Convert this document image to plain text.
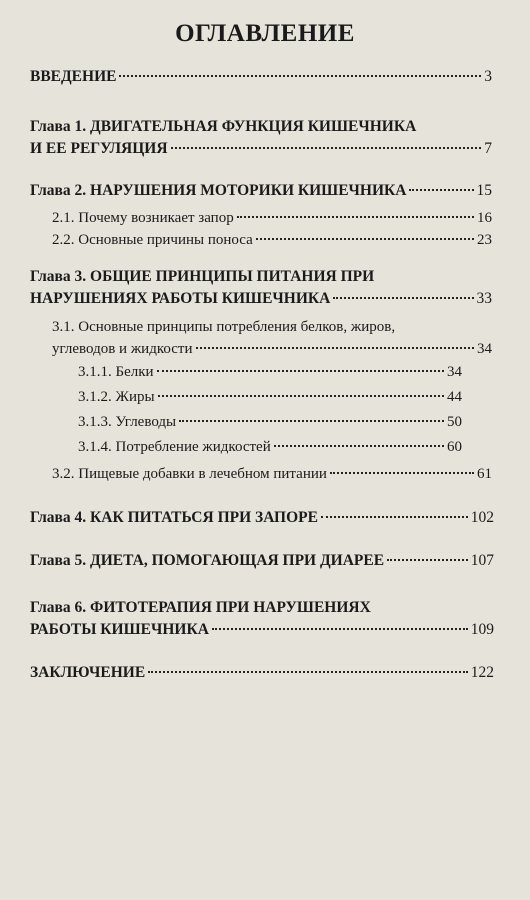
ОГЛАВЛЕНИЕ
ВВЕДЕНИЕ	3
Глава 1. ДВИГАТЕЛЬНАЯ ФУНКЦИЯ КИШЕЧНИКА
И ЕЕ РЕГУЛЯЦИЯ	7
Глава 2. НАРУШЕНИЯ МОТОРИКИ КИШЕЧНИКА	15
2.1. Почему возникает запор	16
2.2. Основные причины поноса	23
Глава 3. ОБЩИЕ ПРИНЦИПЫ ПИТАНИЯ ПРИ
НАРУШЕНИЯХ РАБОТЫ КИШЕЧНИКА	33
3.1. Основные принципы потребления белков, жиров,
углеводов и жидкости	34
3.1.1. Белки	34
3.1.2. Жиры	44
3.1.3. Углеводы	50
3.1.4. Потребление жидкостей	60
3.2. Пищевые добавки в лечебном питании	61
Глава 4. КАК ПИТАТЬСЯ ПРИ ЗАПОРЕ	102
Глава 5. ДИЕТА, ПОМОГАЮЩАЯ ПРИ ДИАРЕЕ	107
Глава 6. ФИТОТЕРАПИЯ ПРИ НАРУШЕНИЯХ
РАБОТЫ КИШЕЧНИКА	109
ЗАКЛЮЧЕНИЕ	122
